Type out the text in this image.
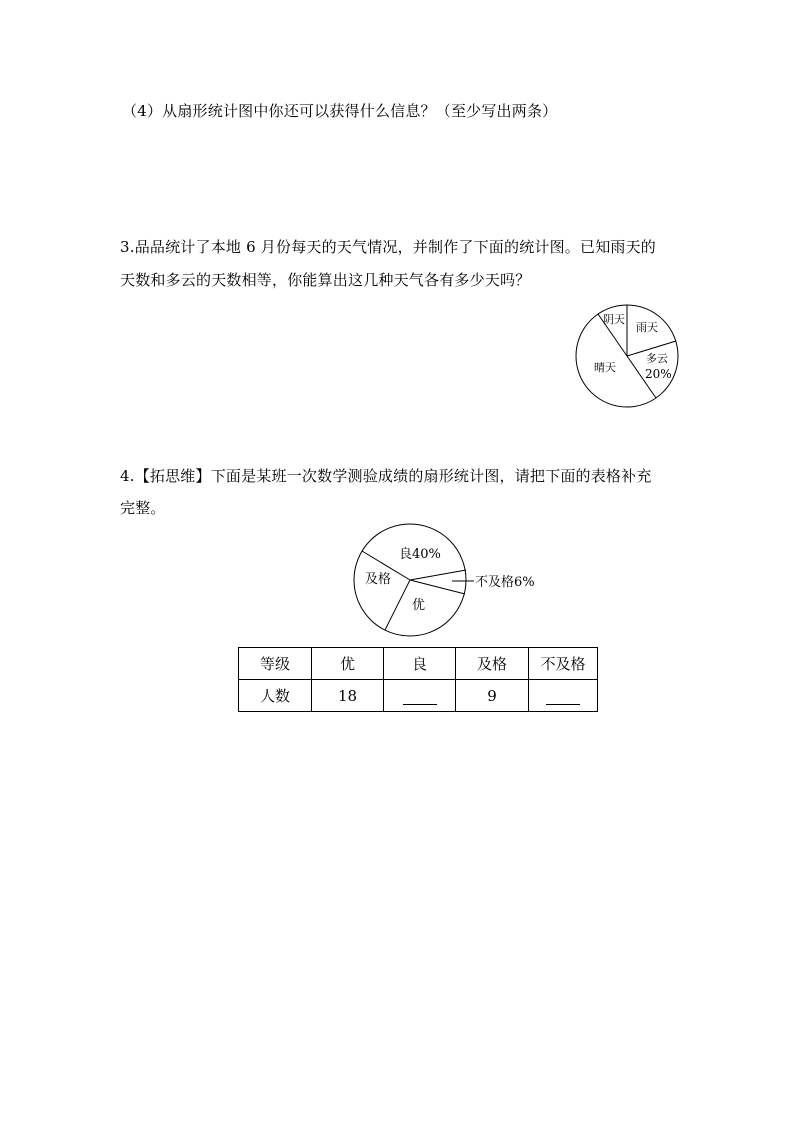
（4）从扇形统计图中你还可以获得什么信息？（至少写出两条）
3.品品统计了本地 6 月份每天的天气情况，并制作了下面的统计图。已知雨天的
天数和多云的天数相等，你能算出这几种天气各有多少天吗？
阴天
雨天
多云
20%
晴天
4.【拓思维】下面是某班一次数学测验成绩的扇形统计图，请把下面的表格补充
完整。
良40%
及格
优
不及格6%
等级	优	良	及格	不及格
人数	18		9	
